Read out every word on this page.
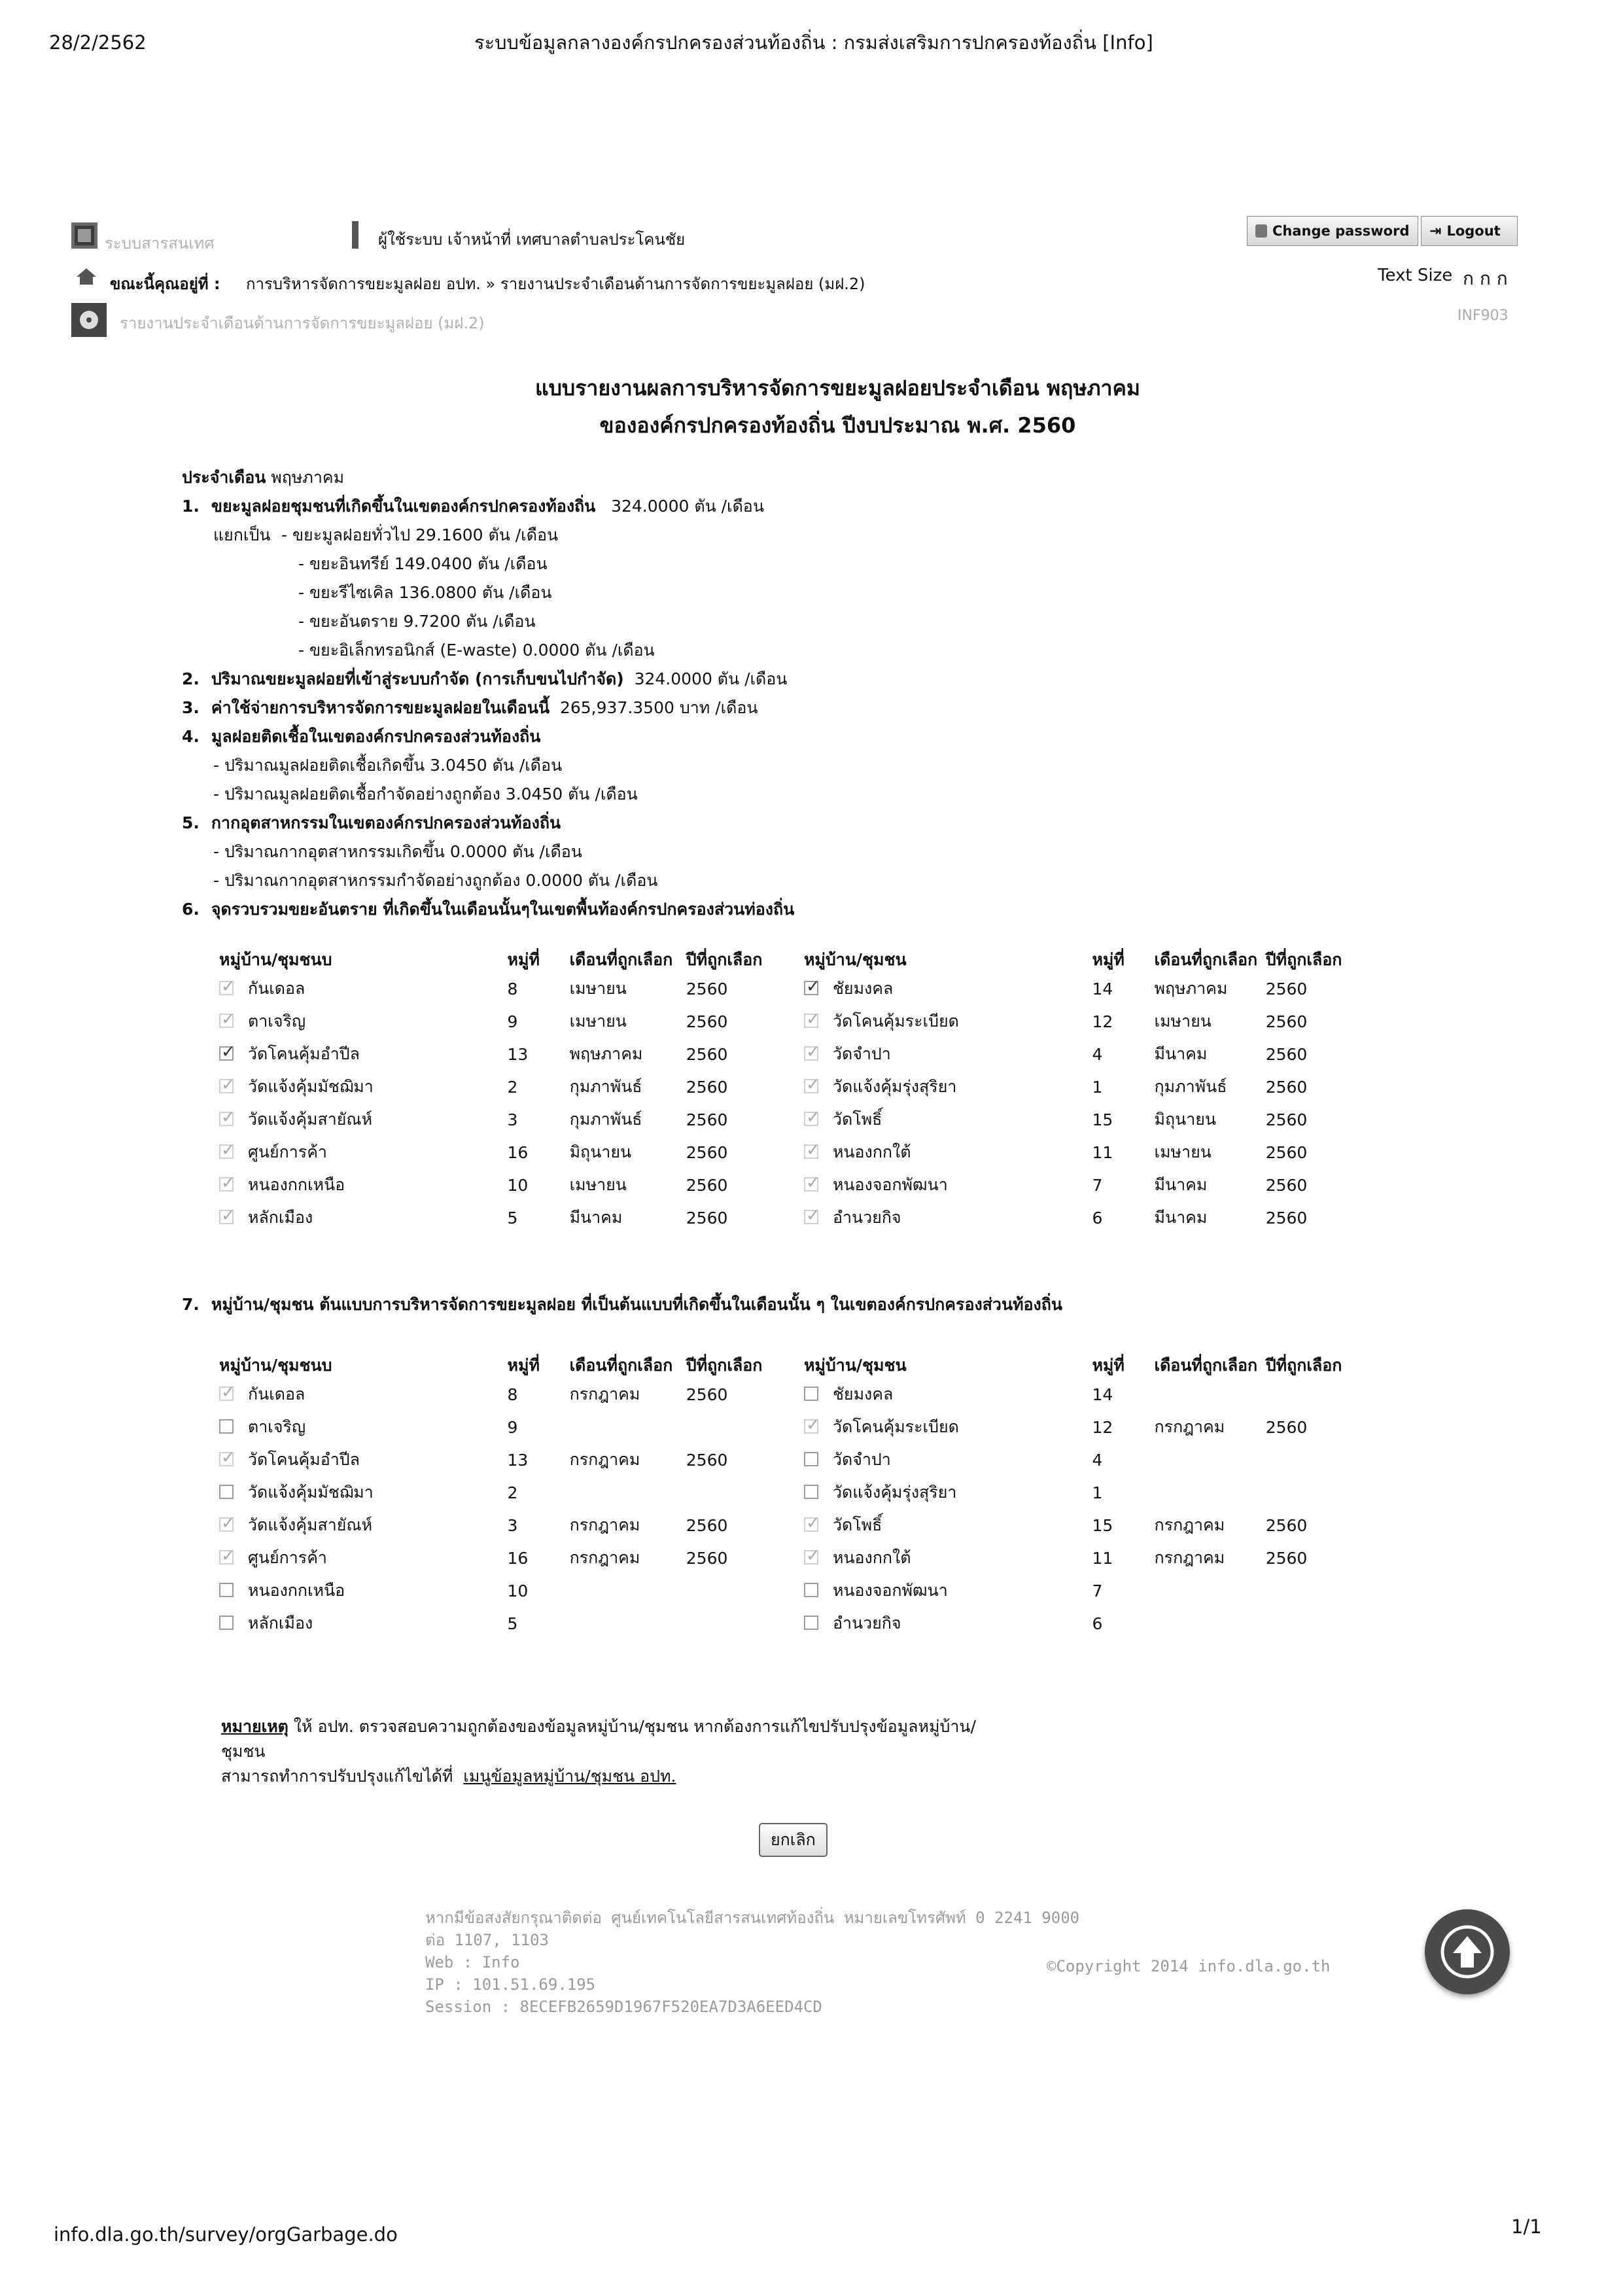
28/2/2562	ระบบข้อมูลกลางองค์กรปกครองส่วนท้องถิ่น : กรมส่งเสริมการปกครองท้องถิ่น [Info]
ระบบสารสนเทศ	ผู้ใช้ระบบ เจ้าหน้าที่ เทศบาลตำบลประโคนชัย	Change password ⇥ Logout
Text Size ก ก ก
INF903
ขณะนี้คุณอยู่ที่ : การบริหารจัดการขยะมูลฝอย อปท. » รายงานประจำเดือนด้านการจัดการขยะมูลฝอย (มฝ.2)
รายงานประจำเดือนด้านการจัดการขยะมูลฝอย (มฝ.2)
แบบรายงานผลการบริหารจัดการขยะมูลฝอยประจำเดือน พฤษภาคม
ขององค์กรปกครองท้องถิ่น ปีงบประมาณ พ.ศ. 2560
ประจำเดือน พฤษภาคม
1. ขยะมูลฝอยชุมชนที่เกิดขึ้นในเขตองค์กรปกครองท้องถิ่น 324.0000 ตัน /เดือน
แยกเป็น - ขยะมูลฝอยทั่วไป 29.1600 ตัน /เดือน
- ขยะอินทรีย์ 149.0400 ตัน /เดือน
- ขยะรีไซเคิล 136.0800 ตัน /เดือน
- ขยะอันตราย 9.7200 ตัน /เดือน
- ขยะอิเล็กทรอนิกส์ (E-waste) 0.0000 ตัน /เดือน
2. ปริมาณขยะมูลฝอยที่เข้าสู่ระบบกำจัด (การเก็บขนไปกำจัด) 324.0000 ตัน /เดือน
3. ค่าใช้จ่ายการบริหารจัดการขยะมูลฝอยในเดือนนี้ 265,937.3500 บาท /เดือน
4. มูลฝอยติดเชื้อในเขตองค์กรปกครองส่วนท้องถิ่น
- ปริมาณมูลฝอยติดเชื้อเกิดขึ้น 3.0450 ตัน /เดือน
- ปริมาณมูลฝอยติดเชื้อกำจัดอย่างถูกต้อง 3.0450 ตัน /เดือน
5. กากอุตสาหกรรมในเขตองค์กรปกครองส่วนท้องถิ่น
- ปริมาณกากอุตสาหกรรมเกิดขึ้น 0.0000 ตัน /เดือน
- ปริมาณกากอุตสาหกรรมกำจัดอย่างถูกต้อง 0.0000 ตัน /เดือน
6. จุดรวบรวมขยะอันตราย ที่เกิดขึ้นในเดือนนั้นๆในเขตพื้นท้องค์กรปกครองส่วนท่องถิ่น
หมู่บ้าน/ชุมชนบ	หมู่ที่	เดือนที่ถูกเลือก	ปีที่ถูกเลือก	หมู่บ้าน/ชุมชน	หมู่ที่	เดือนที่ถูกเลือก	ปีที่ถูกเลือก
✓กันเดอล	8	เมษายน	2560	✓ชัยมงคล	14	พฤษภาคม	2560
✓ตาเจริญ	9	เมษายน	2560	✓วัดโคนคุ้มระเบียด	12	เมษายน	2560
✓วัดโคนคุ้มอำปีล	13	พฤษภาคม	2560	✓วัดจำปา	4	มีนาคม	2560
✓วัดแจ้งคุ้มมัชฌิมา	2	กุมภาพันธ์	2560	✓วัดแจ้งคุ้มรุ่งสุริยา	1	กุมภาพันธ์	2560
✓วัดแจ้งคุ้มสายัณห์	3	กุมภาพันธ์	2560	✓วัดโพธิ์	15	มิถุนายน	2560
✓ศูนย์การค้า	16	มิถุนายน	2560	✓หนองกกใต้	11	เมษายน	2560
✓หนองกกเหนือ	10	เมษายน	2560	✓หนองจอกพัฒนา	7	มีนาคม	2560
✓หลักเมือง	5	มีนาคม	2560	✓อำนวยกิจ	6	มีนาคม	2560
7. หมู่บ้าน/ชุมชน ต้นแบบการบริหารจัดการขยะมูลฝอย ที่เป็นต้นแบบที่เกิดขึ้นในเดือนนั้น ๆ ในเขตองค์กรปกครองส่วนท้องถิ่น
หมู่บ้าน/ชุมชนบ	หมู่ที่	เดือนที่ถูกเลือก	ปีที่ถูกเลือก	หมู่บ้าน/ชุมชน	หมู่ที่	เดือนที่ถูกเลือก	ปีที่ถูกเลือก
✓กันเดอล	8	กรกฎาคม	2560	ชัยมงคล	14		
ตาเจริญ	9			✓วัดโคนคุ้มระเบียด	12	กรกฎาคม	2560
✓วัดโคนคุ้มอำปีล	13	กรกฎาคม	2560	วัดจำปา	4		
วัดแจ้งคุ้มมัชฌิมา	2			วัดแจ้งคุ้มรุ่งสุริยา	1		
✓วัดแจ้งคุ้มสายัณห์	3	กรกฎาคม	2560	✓วัดโพธิ์	15	กรกฎาคม	2560
✓ศูนย์การค้า	16	กรกฎาคม	2560	✓หนองกกใต้	11	กรกฎาคม	2560
หนองกกเหนือ	10			หนองจอกพัฒนา	7		
หลักเมือง	5			อำนวยกิจ	6		
หมายเหตุ ให้ อปท. ตรวจสอบความถูกต้องของข้อมูลหมู่บ้าน/ชุมชน หากต้องการแก้ไขปรับปรุงข้อมูลหมู่บ้าน/
ชุมชน
สามารถทำการปรับปรุงแก้ไขได้ที่ เมนูข้อมูลหมู่บ้าน/ชุมชน อปท.
ยกเลิก
หากมีข้อสงสัยกรุณาติดต่อ ศูนย์เทคโนโลยีสารสนเทศท้องถิ่น หมายเลขโทรศัพท์ 0 2241 9000
ต่อ 1107, 1103
Web : Info
IP : 101.51.69.195
Session : 8ECEFB2659D1967F520EA7D3A6EED4CD
©Copyright 2014 info.dla.go.th
info.dla.go.th/survey/orgGarbage.do	1/1
